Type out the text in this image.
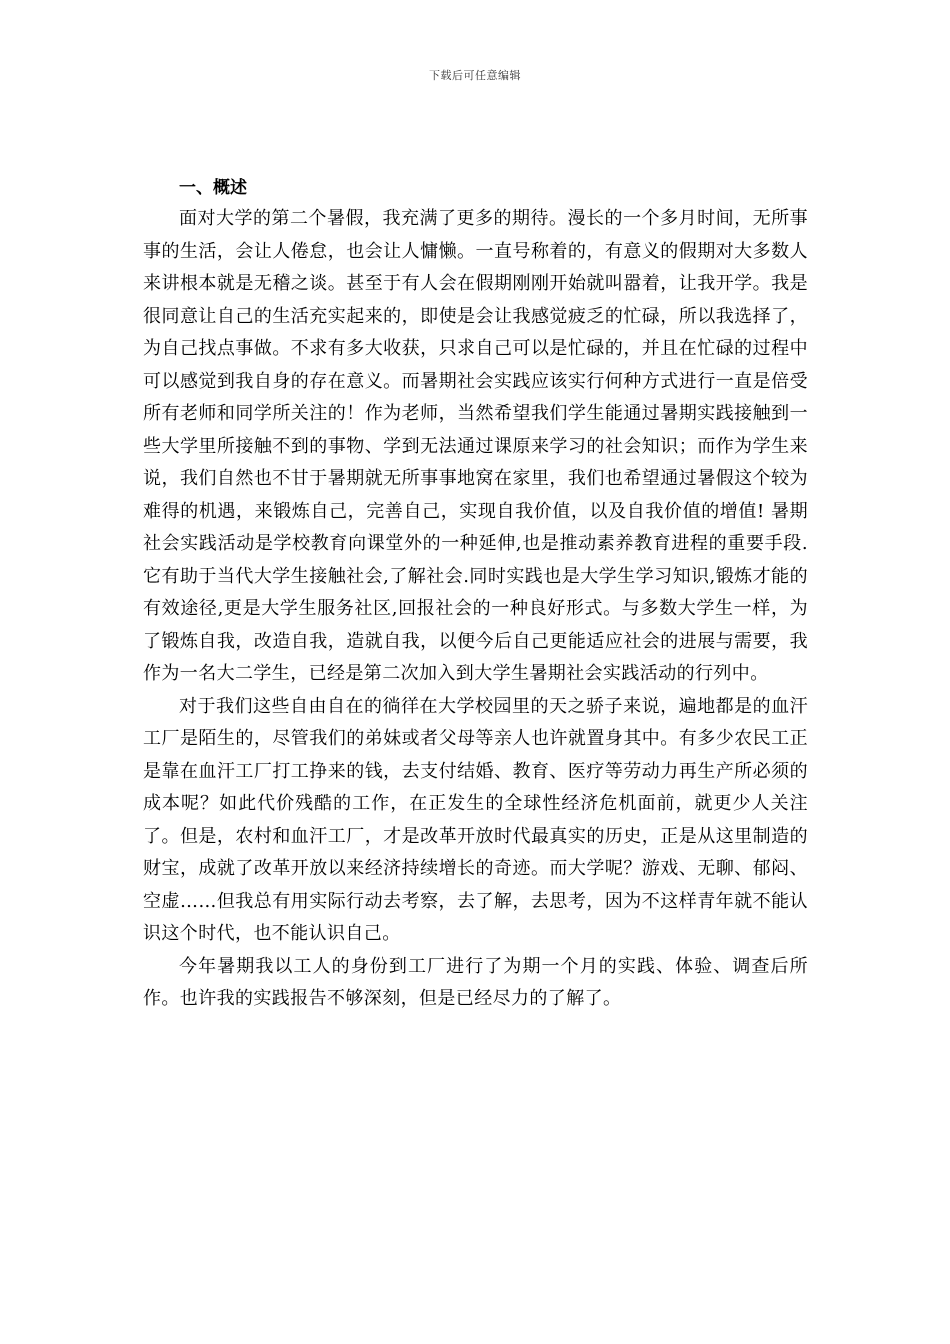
下载后可任意编辑
一、概述

面对大学的第二个暑假，我充满了更多的期待。漫长的一个多月时间，无所事事的生活，会让人倦怠，也会让人慵懒。一直号称着的，有意义的假期对大多数人来讲根本就是无稽之谈。甚至于有人会在假期刚刚开始就叫嚣着，让我开学。我是很同意让自己的生活充实起来的，即使是会让我感觉疲乏的忙碌，所以我选择了，为自己找点事做。不求有多大收获，只求自己可以是忙碌的，并且在忙碌的过程中可以感觉到我自身的存在意义。而暑期社会实践应该实行何种方式进行一直是倍受所有老师和同学所关注的！作为老师，当然希望我们学生能通过暑期实践接触到一些大学里所接触不到的事物、学到无法通过课原来学习的社会知识；而作为学生来说，我们自然也不甘于暑期就无所事事地窝在家里，我们也希望通过暑假这个较为难得的机遇，来锻炼自己，完善自己，实现自我价值，以及自我价值的增值! 暑期社会实践活动是学校教育向课堂外的一种延伸,也是推动素养教育进程的重要手段.它有助于当代大学生接触社会,了解社会.同时实践也是大学生学习知识,锻炼才能的有效途径,更是大学生服务社区,回报社会的一种良好形式。与多数大学生一样，为了锻炼自我，改造自我，造就自我，以便今后自己更能适应社会的进展与需要，我作为一名大二学生，已经是第二次加入到大学生暑期社会实践活动的行列中。

对于我们这些自由自在的徜徉在大学校园里的天之骄子来说，遍地都是的血汗工厂是陌生的，尽管我们的弟妹或者父母等亲人也许就置身其中。有多少农民工正是靠在血汗工厂打工挣来的钱，去支付结婚、教育、医疗等劳动力再生产所必须的成本呢？如此代价残酷的工作，在正发生的全球性经济危机面前，就更少人关注了。但是，农村和血汗工厂，才是改革开放时代最真实的历史，正是从这里制造的财宝，成就了改革开放以来经济持续增长的奇迹。而大学呢？游戏、无聊、郁闷、空虚……但我总有用实际行动去考察，去了解，去思考，因为不这样青年就不能认识这个时代，也不能认识自己。

今年暑期我以工人的身份到工厂进行了为期一个月的实践、体验、调查后所作。也许我的实践报告不够深刻，但是已经尽力的了解了。
